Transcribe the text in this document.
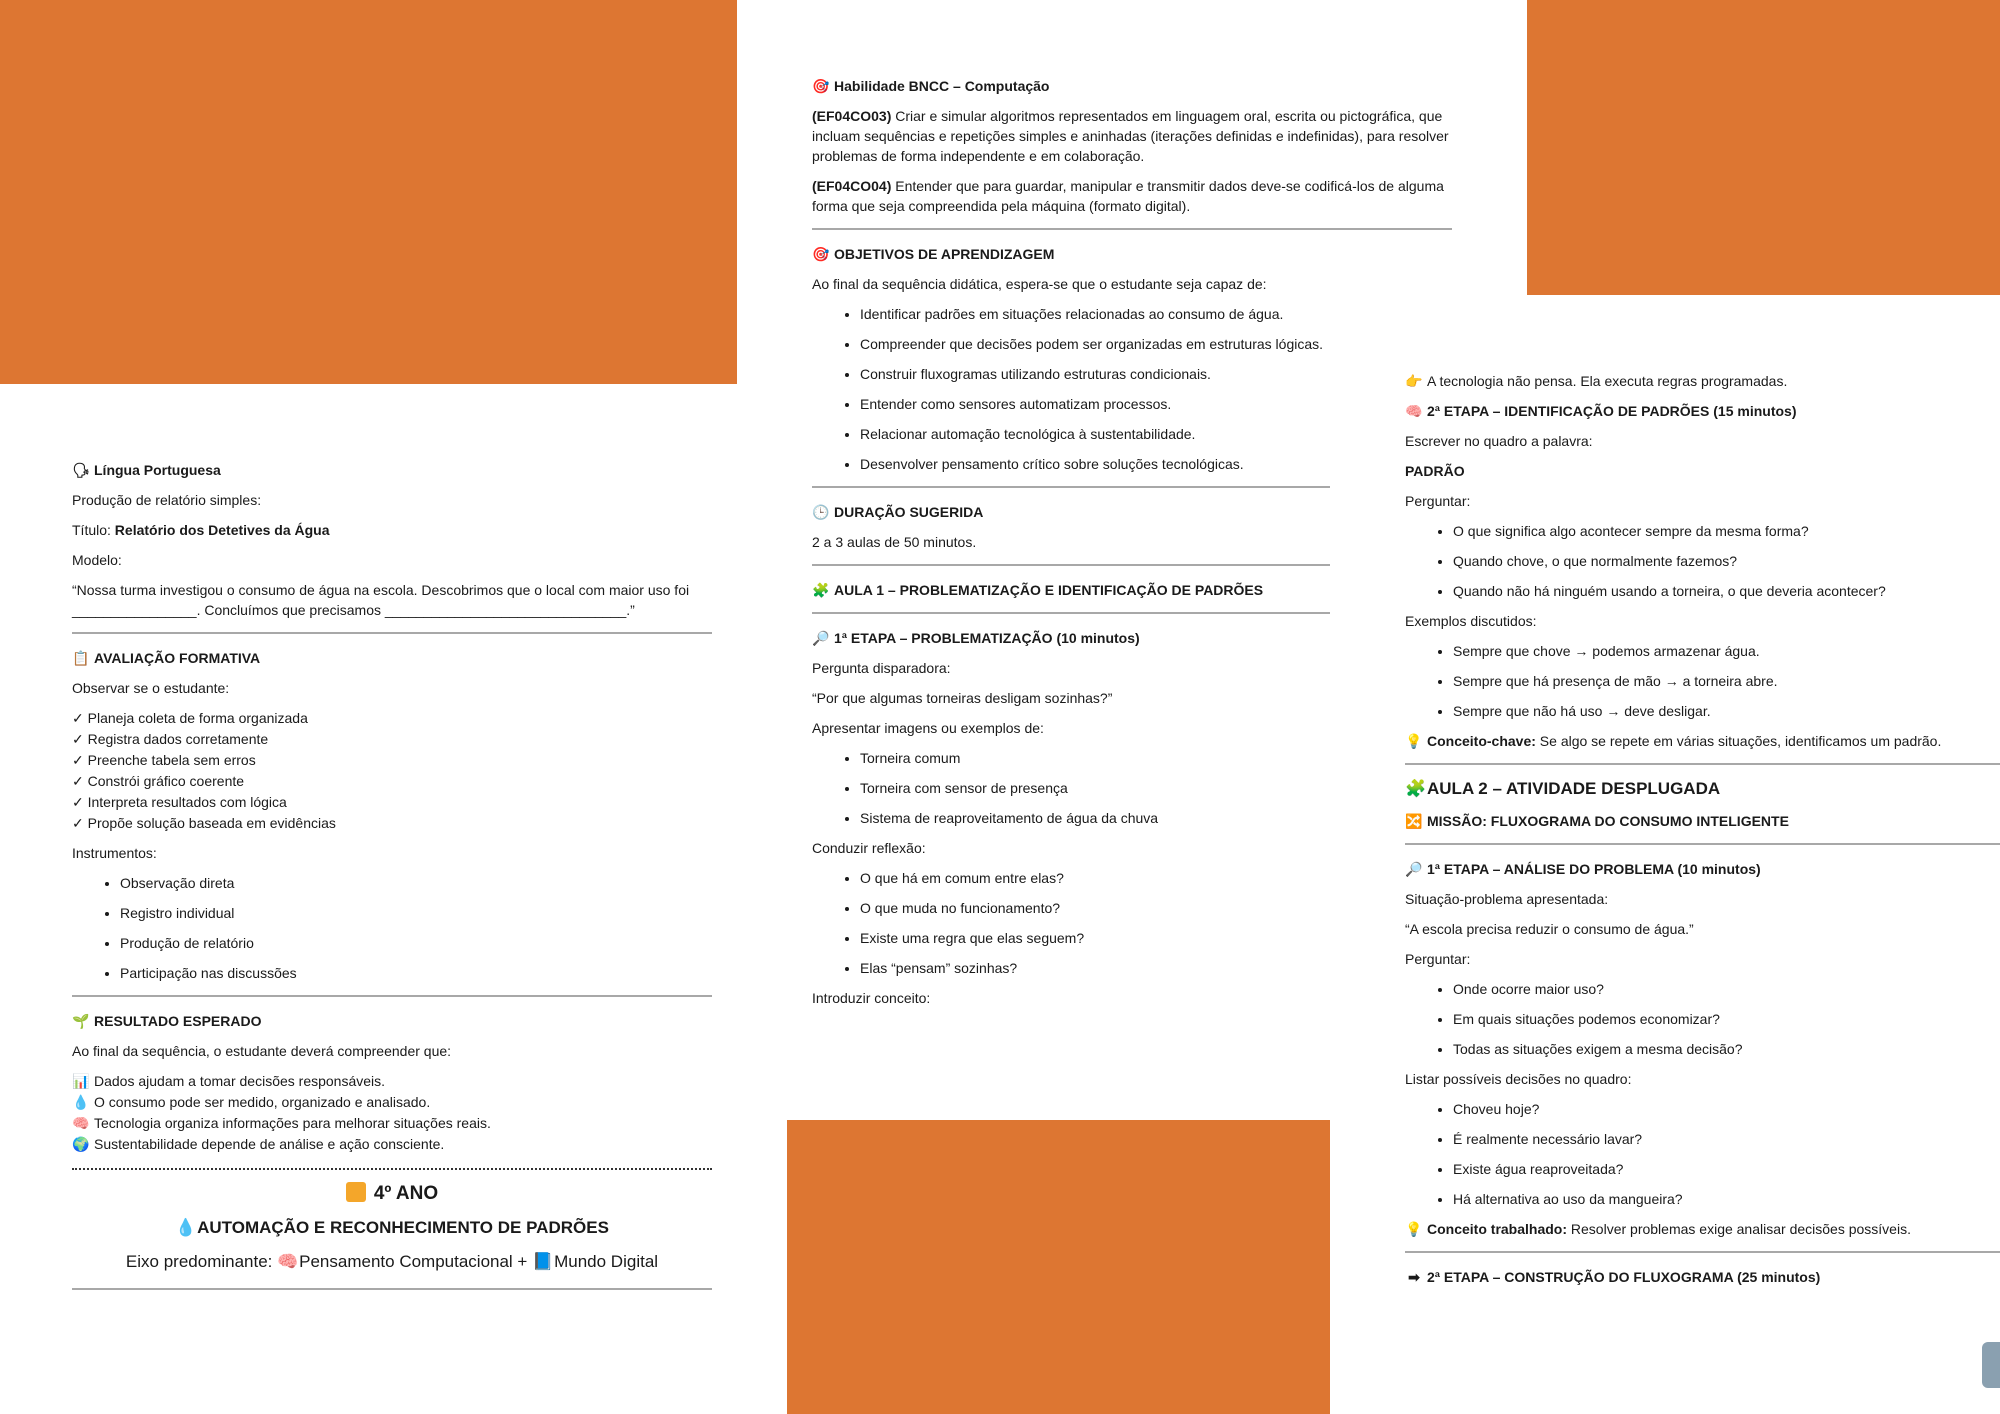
🗣 Língua Portuguesa

Produção de relatório simples:

Título: Relatório dos Detetives da Água

Modelo:

“Nossa turma investigou o consumo de água na escola. Descobrimos que o local com maior uso foi ________________. Concluímos que precisamos _______________________________.”

📋 AVALIAÇÃO FORMATIVA

Observar se o estudante:

✓ Planeja coleta de forma organizada
✓ Registra dados corretamente
✓ Preenche tabela sem erros
✓ Constrói gráfico coerente
✓ Interpreta resultados com lógica
✓ Propõe solução baseada em evidências

Instrumentos:

• Observação direta
• Registro individual
• Produção de relatório
• Participação nas discussões
🌱 RESULTADO ESPERADO

Ao final da sequência, o estudante deverá compreender que:

📊 Dados ajudam a tomar decisões responsáveis.
💧 O consumo pode ser medido, organizado e analisado.
🧠 Tecnologia organiza informações para melhorar situações reais.
🌍 Sustentabilidade depende de análise e ação consciente.
4º ANO
💧AUTOMAÇÃO E RECONHECIMENTO DE PADRÕES
Eixo predominante: 🧠Pensamento Computacional + 📘Mundo Digital
🎯 Habilidade BNCC – Computação

(EF04CO03) Criar e simular algoritmos representados em linguagem oral, escrita ou pictográfica, que incluam sequências e repetições simples e aninhadas (iterações definidas e indefinidas), para resolver problemas de forma independente e em colaboração.

(EF04CO04) Entender que para guardar, manipular e transmitir dados deve-se codificá-los de alguma forma que seja compreendida pela máquina (formato digital).

🎯 OBJETIVOS DE APRENDIZAGEM

Ao final da sequência didática, espera-se que o estudante seja capaz de:

• Identificar padrões em situações relacionadas ao consumo de água.
• Compreender que decisões podem ser organizadas em estruturas lógicas.
• Construir fluxogramas utilizando estruturas condicionais.
• Entender como sensores automatizam processos.
• Relacionar automação tecnológica à sustentabilidade.
• Desenvolver pensamento crítico sobre soluções tecnológicas.
🕒 DURAÇÃO SUGERIDA

2 a 3 aulas de 50 minutos.

🧩 AULA 1 – PROBLEMATIZAÇÃO E IDENTIFICAÇÃO DE PADRÕES
🔎 1ª ETAPA – PROBLEMATIZAÇÃO (10 minutos)

Pergunta disparadora:

“Por que algumas torneiras desligam sozinhas?”

Apresentar imagens ou exemplos de:

• Torneira comum
• Torneira com sensor de presença
• Sistema de reaproveitamento de água da chuva

Conduzir reflexão:

• O que há em comum entre elas?
• O que muda no funcionamento?
• Existe uma regra que elas seguem?
• Elas “pensam” sozinhas?

Introduzir conceito:

👉 A tecnologia não pensa. Ela executa regras programadas.

🧠 2ª ETAPA – IDENTIFICAÇÃO DE PADRÕES (15 minutos)

Escrever no quadro a palavra:

PADRÃO

Perguntar:

• O que significa algo acontecer sempre da mesma forma?
• Quando chove, o que normalmente fazemos?
• Quando não há ninguém usando a torneira, o que deveria acontecer?

Exemplos discutidos:

• Sempre que chove → podemos armazenar água.
• Sempre que há presença de mão → a torneira abre.
• Sempre que não há uso → deve desligar.

💡 Conceito-chave: Se algo se repete em várias situações, identificamos um padrão.

🧩AULA 2 – ATIVIDADE DESPLUGADA
🔀 MISSÃO: FLUXOGRAMA DO CONSUMO INTELIGENTE
🔎 1ª ETAPA – ANÁLISE DO PROBLEMA (10 minutos)

Situação-problema apresentada:

“A escola precisa reduzir o consumo de água.”

Perguntar:

• Onde ocorre maior uso?
• Em quais situações podemos economizar?
• Todas as situações exigem a mesma decisão?

Listar possíveis decisões no quadro:

• Choveu hoje?
• É realmente necessário lavar?
• Existe água reaproveitada?
• Há alternativa ao uso da mangueira?

💡 Conceito trabalhado: Resolver problemas exige analisar decisões possíveis.

➡ 2ª ETAPA – CONSTRUÇÃO DO FLUXOGRAMA (25 minutos)
